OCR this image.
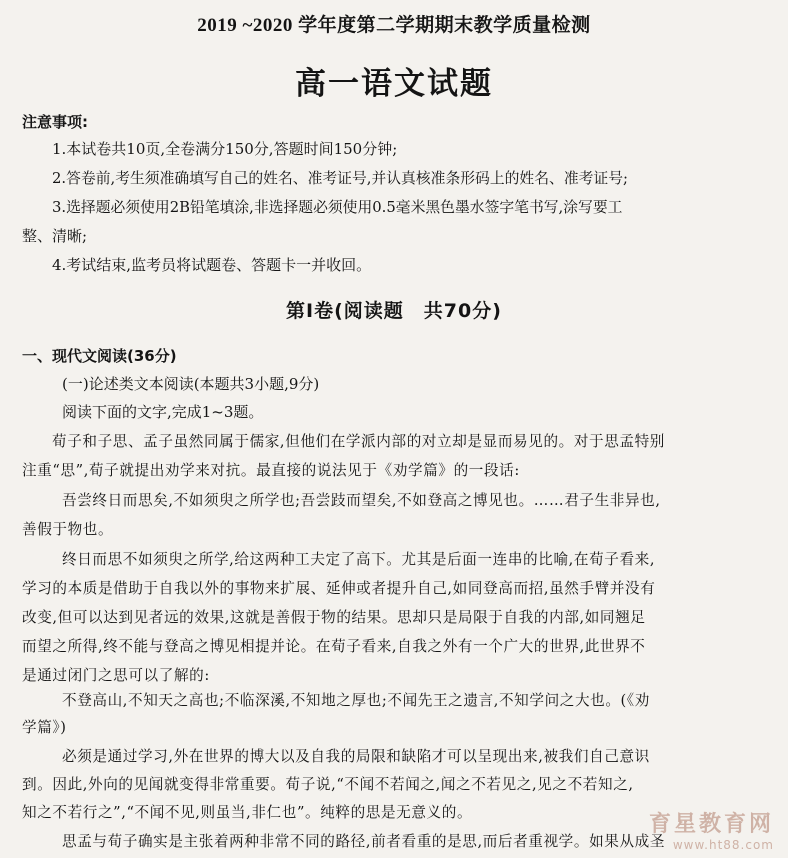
2019 ~2020 学年度第二学期期末教学质量检测
高一语文试题
注意事项:
1.本试卷共10页,全卷满分150分,答题时间150分钟;
2.答卷前,考生须准确填写自己的姓名、准考证号,并认真核准条形码上的姓名、准考证号;
3.选择题必须使用2B铅笔填涂,非选择题必须使用0.5毫米黑色墨水签字笔书写,涂写要工
整、清晰;
4.考试结束,监考员将试题卷、答题卡一并收回。
第Ⅰ卷(阅读题　共70分)
一、现代文阅读(36分)
(一)论述类文本阅读(本题共3小题,9分)
阅读下面的文字,完成1~3题。
荀子和子思、孟子虽然同属于儒家,但他们在学派内部的对立却是显而易见的。对于思孟特别
注重“思”,荀子就提出劝学来对抗。最直接的说法见于《劝学篇》的一段话:
吾尝终日而思矣,不如须臾之所学也;吾尝跂而望矣,不如登高之博见也。……君子生非异也,
善假于物也。
终日而思不如须臾之所学,给这两种工夫定了高下。尤其是后面一连串的比喻,在荀子看来,
学习的本质是借助于自我以外的事物来扩展、延伸或者提升自己,如同登高而招,虽然手臂并没有
改变,但可以达到见者远的效果,这就是善假于物的结果。思却只是局限于自我的内部,如同翘足
而望之所得,终不能与登高之博见相提并论。在荀子看来,自我之外有一个广大的世界,此世界不
是通过闭门之思可以了解的:
不登高山,不知天之高也;不临深溪,不知地之厚也;不闻先王之遗言,不知学问之大也。(《劝
学篇》)
必须是通过学习,外在世界的博大以及自我的局限和缺陷才可以呈现出来,被我们自己意识
到。因此,外向的见闻就变得非常重要。荀子说,“不闻不若闻之,闻之不若见之,见之不若知之,
知之不若行之”,“不闻不见,则虽当,非仁也”。纯粹的思是无意义的。
思孟与荀子确实是主张着两种非常不同的路径,前者看重的是思,而后者重视学。如果从成圣
育星教育网
www.ht88.com
